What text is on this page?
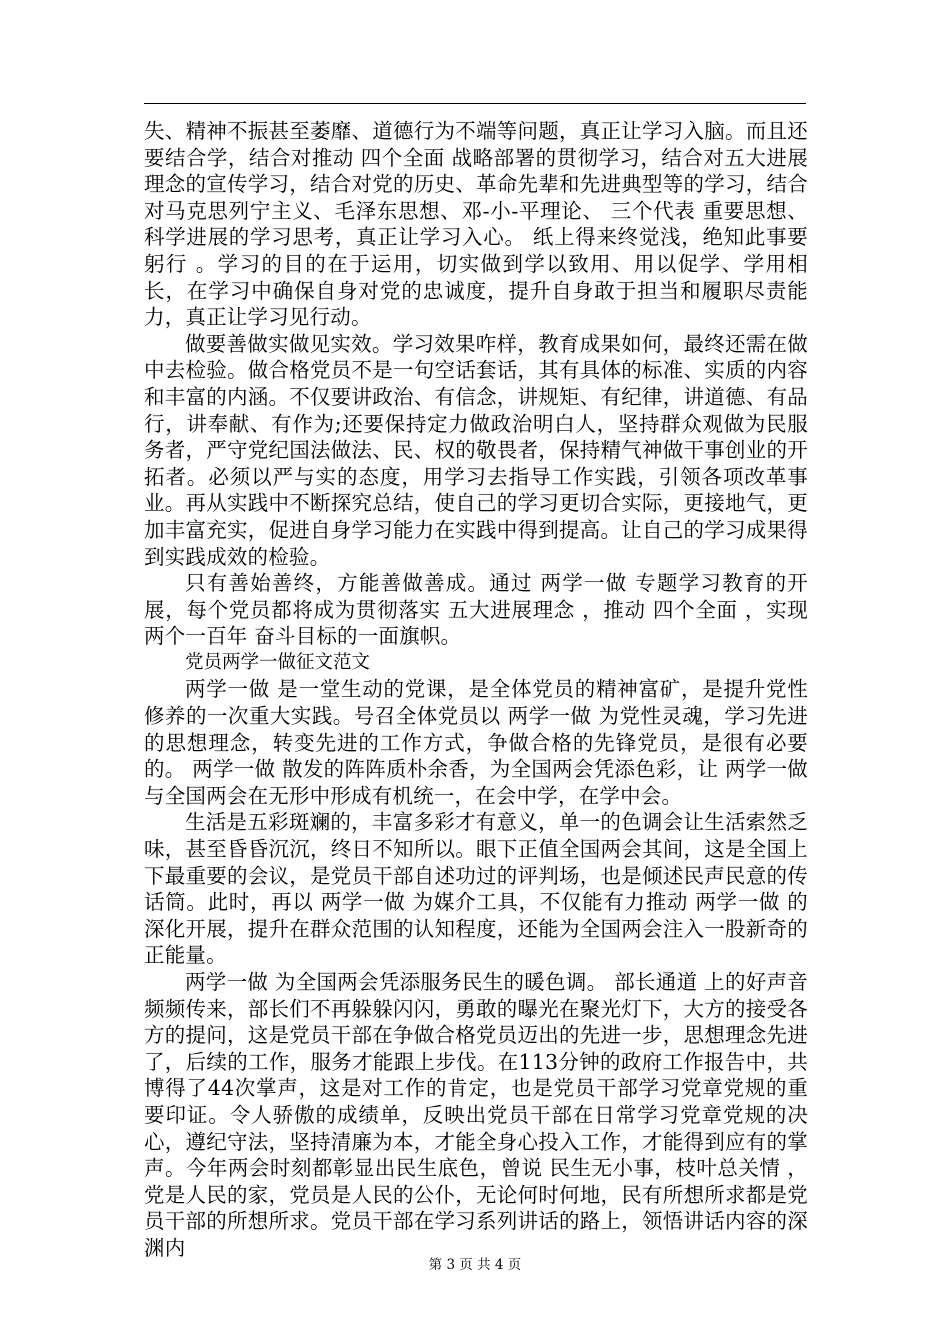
失、精神不振甚至萎靡、道德行为不端等问题，真正让学习入脑。而且还要结合学，结合对推动 四个全面 战略部署的贯彻学习，结合对五大进展理念的宣传学习，结合对党的历史、革命先辈和先进典型等的学习，结合对马克思列宁主义、毛泽东思想、邓-小-平理论、 三个代表 重要思想、科学进展的学习思考，真正让学习入心。 纸上得来终觉浅，绝知此事要躬行 。学习的目的在于运用，切实做到学以致用、用以促学、学用相长，在学习中确保自身对党的忠诚度，提升自身敢于担当和履职尽责能力，真正让学习见行动。

做要善做实做见实效。学习效果咋样，教育成果如何，最终还需在做中去检验。做合格党员不是一句空话套话，其有具体的标准、实质的内容和丰富的内涵。不仅要讲政治、有信念，讲规矩、有纪律，讲道德、有品行，讲奉献、有作为;还要保持定力做政治明白人，坚持群众观做为民服务者，严守党纪国法做法、民、权的敬畏者，保持精气神做干事创业的开拓者。必须以严与实的态度，用学习去指导工作实践，引领各项改革事业。再从实践中不断探究总结，使自己的学习更切合实际，更接地气，更加丰富充实，促进自身学习能力在实践中得到提高。让自己的学习成果得到实践成效的检验。

只有善始善终，方能善做善成。通过 两学一做 专题学习教育的开展，每个党员都将成为贯彻落实 五大进展理念 ，推动 四个全面 ，实现 两个一百年 奋斗目标的一面旗帜。

党员两学一做征文范文

两学一做 是一堂生动的党课，是全体党员的精神富矿，是提升党性修养的一次重大实践。号召全体党员以 两学一做 为党性灵魂，学习先进的思想理念，转变先进的工作方式，争做合格的先锋党员，是很有必要的。 两学一做 散发的阵阵质朴余香，为全国两会凭添色彩，让 两学一做 与全国两会在无形中形成有机统一，在会中学，在学中会。

生活是五彩斑斓的，丰富多彩才有意义，单一的色调会让生活索然乏味，甚至昏昏沉沉，终日不知所以。眼下正值全国两会其间，这是全国上下最重要的会议，是党员干部自述功过的评判场，也是倾述民声民意的传话筒。此时，再以 两学一做 为媒介工具，不仅能有力推动 两学一做 的深化开展，提升在群众范围的认知程度，还能为全国两会注入一股新奇的正能量。

两学一做 为全国两会凭添服务民生的暖色调。 部长通道 上的好声音 频频传来，部长们不再躲躲闪闪，勇敢的曝光在聚光灯下，大方的接受各方的提问，这是党员干部在争做合格党员迈出的先进一步，思想理念先进了，后续的工作，服务才能跟上步伐。在113分钟的政府工作报告中，共博得了44次掌声，这是对工作的肯定，也是党员干部学习党章党规的重要印证。令人骄傲的成绩单，反映出党员干部在日常学习党章党规的决心，遵纪守法，坚持清廉为本，才能全身心投入工作，才能得到应有的掌声。今年两会时刻都彰显出民生底色，曾说 民生无小事，枝叶总关情 ，党是人民的家，党员是人民的公仆，无论何时何地，民有所想所求都是党员干部的所想所求。党员干部在学习系列讲话的路上，领悟讲话内容的深渊内

第 3 页 共 4 页
